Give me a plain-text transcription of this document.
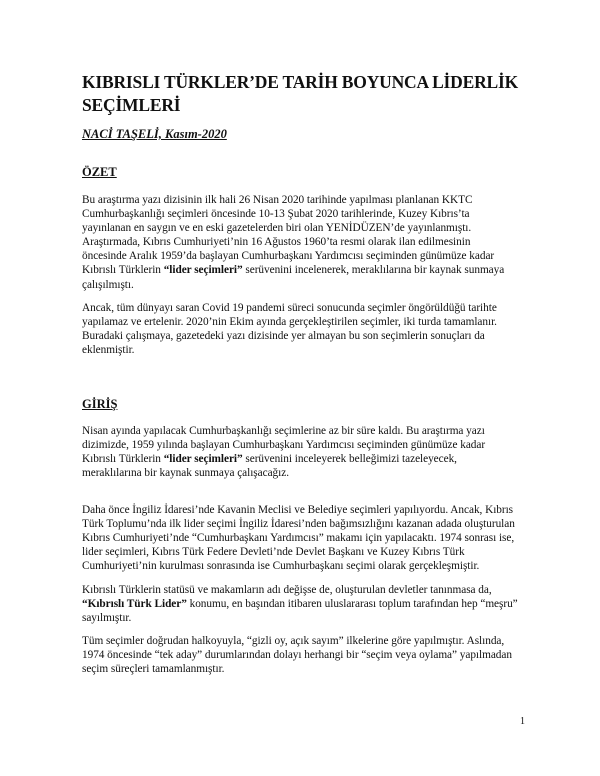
KIBRISLI TÜRKLER’DE TARİH BOYUNCA LİDERLİK SEÇİMLERİ

NACİ TAŞELİ, Kasım-2020

ÖZET

Bu araştırma yazı dizisinin ilk hali 26 Nisan 2020 tarihinde yapılması planlanan KKTC
Cumhurbaşkanlığı seçimleri öncesinde 10-13 Şubat 2020 tarihlerinde, Kuzey Kıbrıs’ta
yayınlanan en saygın ve en eski gazetelerden biri olan YENİDÜZEN’de yayınlanmıştı.
Araştırmada, Kıbrıs Cumhuriyeti’nin 16 Ağustos 1960’ta resmi olarak ilan edilmesinin
öncesinde Aralık 1959’da başlayan Cumhurbaşkanı Yardımcısı seçiminden günümüze kadar
Kıbrıslı Türklerin “lider seçimleri” serüvenini incelenerek, meraklılarına bir kaynak sunmaya
çalışılmıştı.

Ancak, tüm dünyayı saran Covid 19 pandemi süreci sonucunda seçimler öngörüldüğü tarihte
yapılamaz ve ertelenir. 2020’nin Ekim ayında gerçekleştirilen seçimler, iki turda tamamlanır.
Buradaki çalışmaya, gazetedeki yazı dizisinde yer almayan bu son seçimlerin sonuçları da
eklenmiştir.

GİRİŞ

Nisan ayında yapılacak Cumhurbaşkanlığı seçimlerine az bir süre kaldı. Bu araştırma yazı
dizimizde, 1959 yılında başlayan Cumhurbaşkanı Yardımcısı seçiminden günümüze kadar
Kıbrıslı Türklerin “lider seçimleri” serüvenini inceleyerek belleğimizi tazeleyecek,
meraklılarına bir kaynak sunmaya çalışacağız.

Daha önce İngiliz İdaresi’nde Kavanin Meclisi ve Belediye seçimleri yapılıyordu. Ancak, Kıbrıs
Türk Toplumu’nda ilk lider seçimi İngiliz İdaresi’nden bağımsızlığını kazanan adada oluşturulan
Kıbrıs Cumhuriyeti’nde “Cumhurbaşkanı Yardımcısı” makamı için yapılacaktı. 1974 sonrası ise,
lider seçimleri, Kıbrıs Türk Federe Devleti’nde Devlet Başkanı ve Kuzey Kıbrıs Türk
Cumhuriyeti’nin kurulması sonrasında ise Cumhurbaşkanı seçimi olarak gerçekleşmiştir.

Kıbrıslı Türklerin statüsü ve makamların adı değişse de, oluşturulan devletler tanınmasa da,
“Kıbrıslı Türk Lider” konumu, en başından itibaren uluslararası toplum tarafından hep “meşru”
sayılmıştır.

Tüm seçimler doğrudan halkoyuyla, “gizli oy, açık sayım” ilkelerine göre yapılmıştır. Aslında,
1974 öncesinde “tek aday” durumlarından dolayı herhangi bir “seçim veya oylama” yapılmadan
seçim süreçleri tamamlanmıştır.

1
